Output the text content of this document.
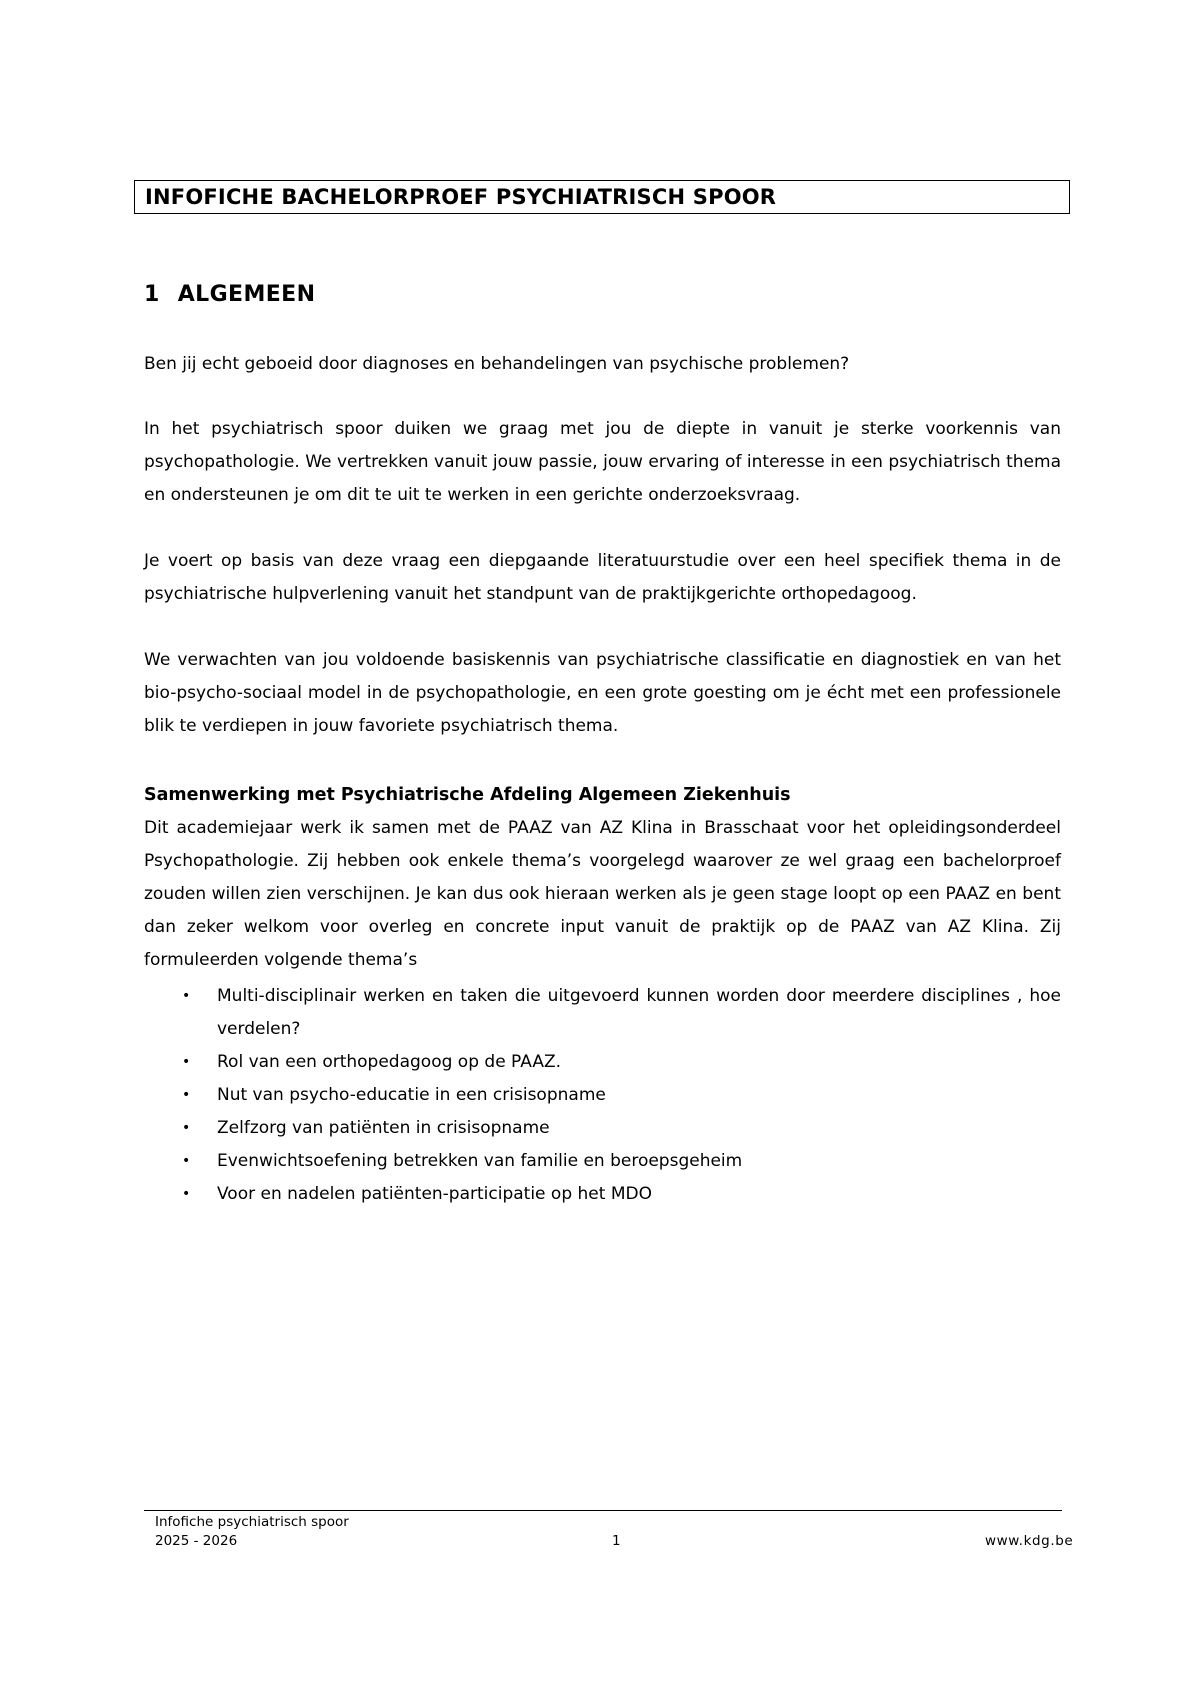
INFOFICHE BACHELORPROEF PSYCHIATRISCH SPOOR
1 ALGEMEEN

Ben jij echt geboeid door diagnoses en behandelingen van psychische problemen?

In het psychiatrisch spoor duiken we graag met jou de diepte in vanuit je sterke voorkennis van psychopathologie. We vertrekken vanuit jouw passie, jouw ervaring of interesse in een psychiatrisch thema en ondersteunen je om dit te uit te werken in een gerichte onderzoeksvraag.

Je voert op basis van deze vraag een diepgaande literatuurstudie over een heel specifiek thema in de psychiatrische hulpverlening vanuit het standpunt van de praktijkgerichte orthopedagoog.

We verwachten van jou voldoende basiskennis van psychiatrische classificatie en diagnostiek en van het bio-psycho-sociaal model in de psychopathologie, en een grote goesting om je écht met een professionele blik te verdiepen in jouw favoriete psychiatrisch thema.

Samenwerking met Psychiatrische Afdeling Algemeen Ziekenhuis

Dit academiejaar werk ik samen met de PAAZ van AZ Klina in Brasschaat voor het opleidingsonderdeel Psychopathologie. Zij hebben ook enkele thema’s voorgelegd waarover ze wel graag een bachelorproef zouden willen zien verschijnen. Je kan dus ook hieraan werken als je geen stage loopt op een PAAZ en bent dan zeker welkom voor overleg en concrete input vanuit de praktijk op de PAAZ van AZ Klina. Zij formuleerden volgende thema’s

• Multi-disciplinair werken en taken die uitgevoerd kunnen worden door meerdere disciplines , hoe verdelen?
• Rol van een orthopedagoog op de PAAZ.
• Nut van psycho-educatie in een crisisopname
• Zelfzorg van patiënten in crisisopname
• Evenwichtsoefening betrekken van familie en beroepsgeheim
• Voor en nadelen patiënten-participatie op het MDO
Infofiche psychiatrisch spoor
2025 - 2026	1	www.kdg.be
